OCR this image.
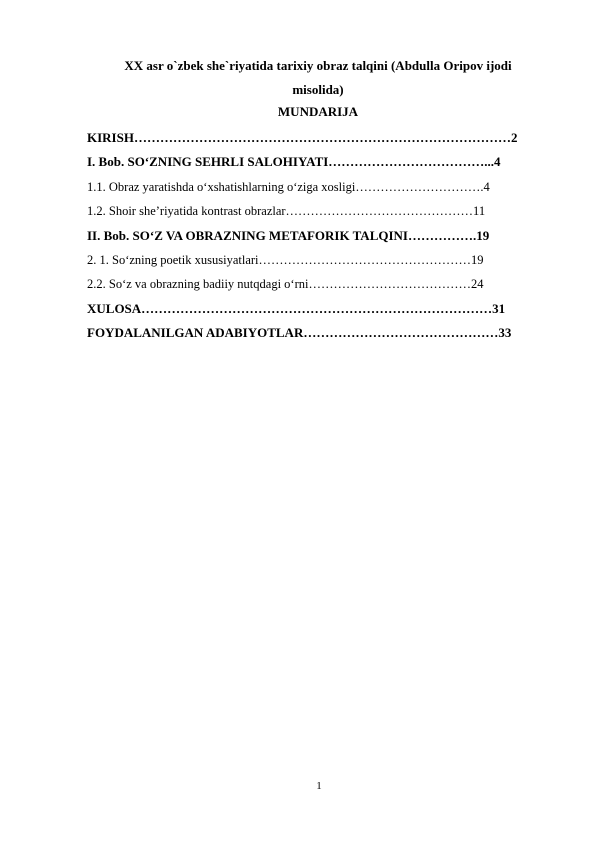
XX asr o`zbek she`riyatida tarixiy obraz talqini (Abdulla Oripov ijodi
misolida)
MUNDARIJA
KIRISH……………………………………………………………………………2
I. Bob. SO‘ZNING SEHRLI SALOHIYATI………………………………...4
1.1. Obraz yaratishda o‘xshatishlarning o‘ziga xosligi………………………….4
1.2. Shoir she’riyatida kontrast obrazlar………………………………………11
II. Bob. SO‘Z VA OBRAZNING METAFORIK TALQINI…………….19
2. 1. So‘zning poetik xususiyatlari……………………………………………19
2.2. So‘z va obrazning badiiy nutqdagi o‘rni…………………………………24
XULOSA………………………………………………………………………31
FOYDALANILGAN ADABIYOTLAR………………………………………33
1
